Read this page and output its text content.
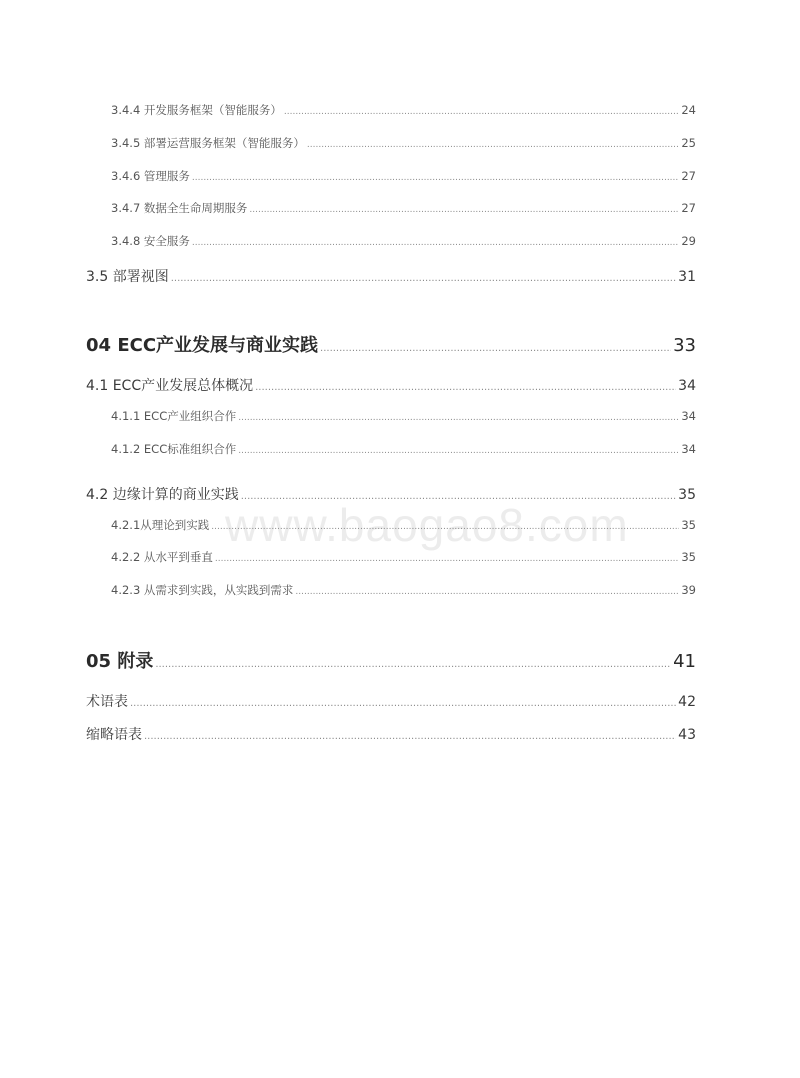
www.baogao8.com
3.4.4 开发服务框架（智能服务） .....	24
3.4.5 部署运营服务框架（智能服务） .....	25
3.4.6 管理服务 .....	27
3.4.7 数据全生命周期服务 .....	27
3.4.8 安全服务 .....	29
3.5 部署视图 .....	31
04 ECC产业发展与商业实践 .....	33
4.1 ECC产业发展总体概况 .....	34
4.1.1 ECC产业组织合作 .....	34
4.1.2 ECC标准组织合作 .....	34
4.2 边缘计算的商业实践 .....	35
4.2.1从理论到实践 .....	35
4.2.2 从水平到垂直 .....	35
4.2.3 从需求到实践，从实践到需求 .....	39
05 附录 .....	41
术语表 .....	42
缩略语表 .....	43
